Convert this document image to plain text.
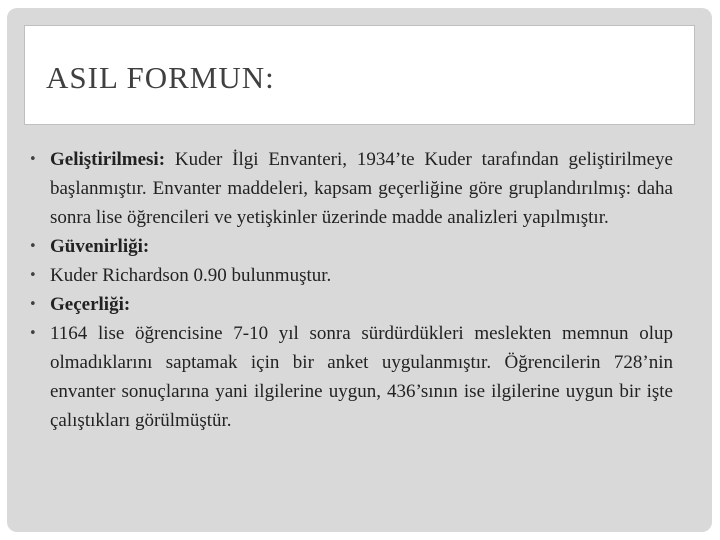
ASIL FORMUN:
• Geliştirilmesi: Kuder İlgi Envanteri, 1934’te Kuder tarafından geliştirilmeye başlanmıştır. Envanter maddeleri, kapsam geçerliğine göre gruplandırılmış: daha sonra lise öğrencileri ve yetişkinler üzerinde madde analizleri yapılmıştır.
• Güvenirliği:
• Kuder Richardson 0.90 bulunmuştur.
• Geçerliği:
• 1164 lise öğrencisine 7-10 yıl sonra sürdürdükleri meslekten memnun olup olmadıklarını saptamak için bir anket uygulanmıştır. Öğrencilerin 728’nin envanter sonuçlarına yani ilgilerine uygun, 436’sının ise ilgilerine uygun bir işte çalıştıkları görülmüştür.
